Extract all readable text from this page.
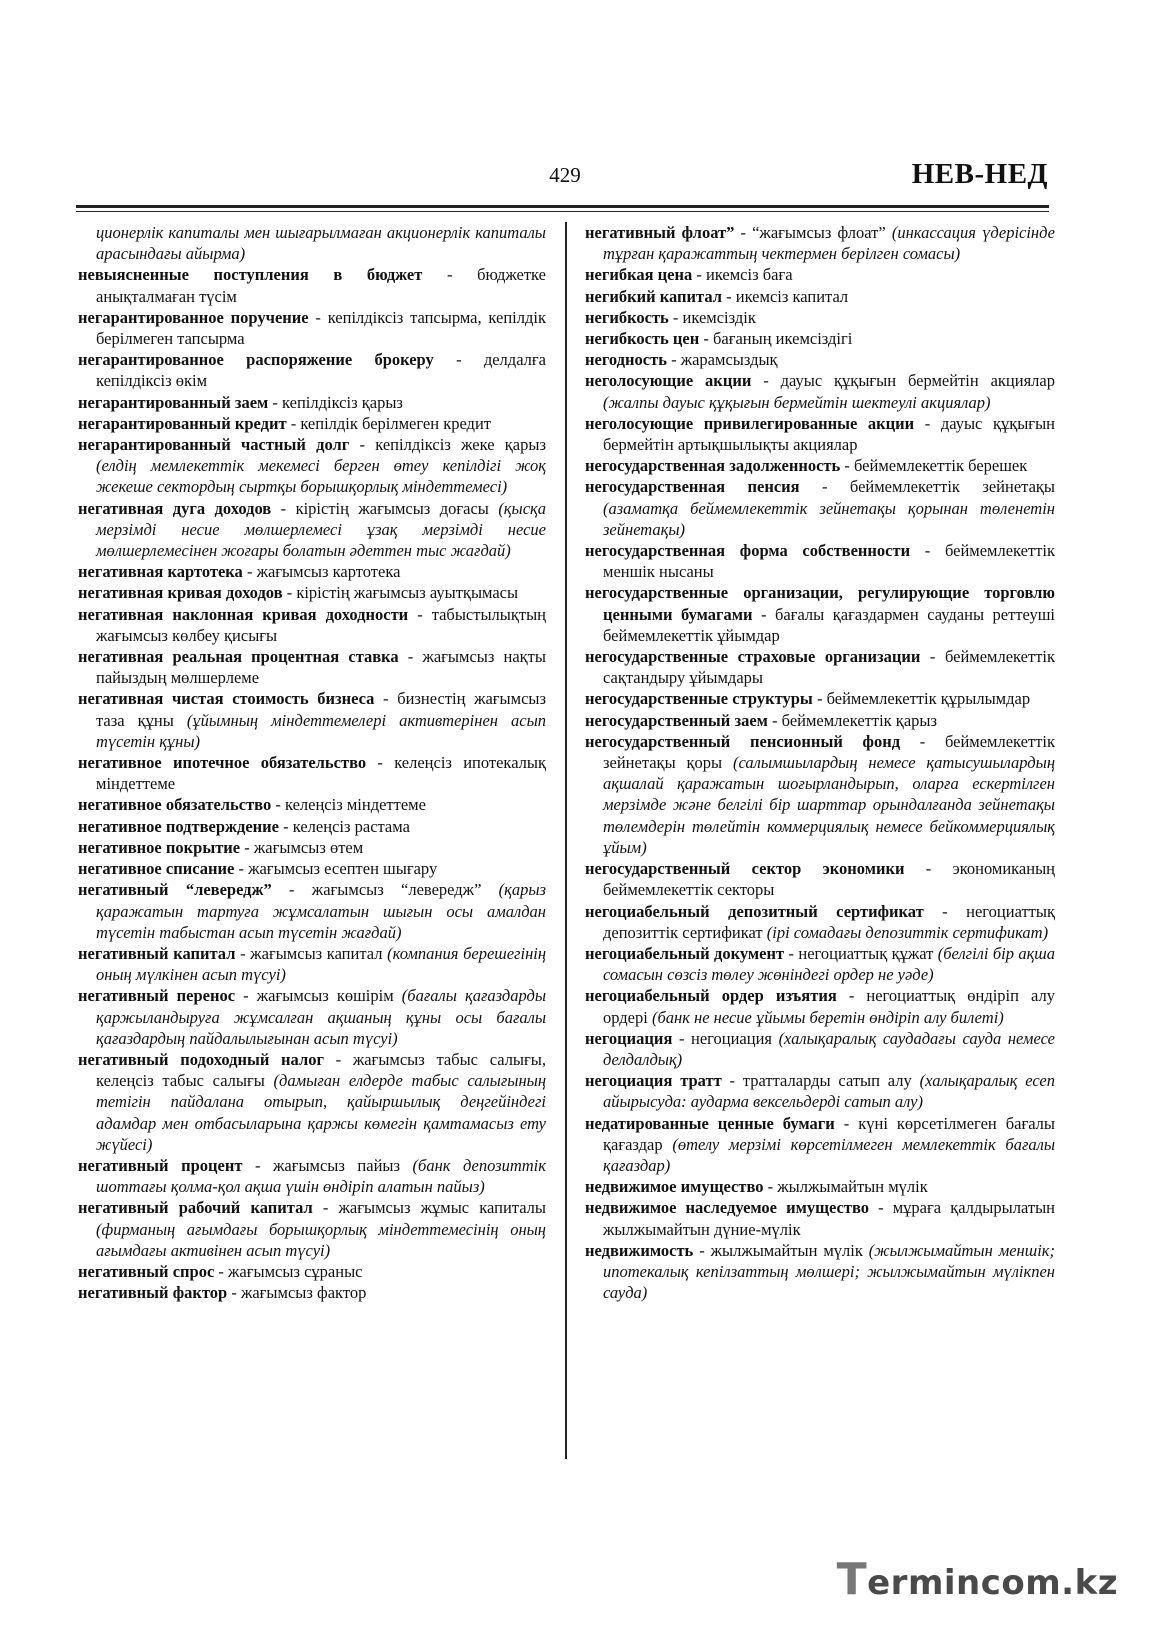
429	НЕВ-НЕД
ционерлік капиталы мен шығарылмаған акционерлік капиталы арасындағы айырма)
невыясненные поступления в бюджет - бюджетке анықталмаған түсім
негарантированное поручение - кепілдіксіз тапсырма, кепілдік берілмеген тапсырма
негарантированное распоряжение брокеру - делдалға кепілдіксіз өкім
негарантированный заем - кепілдіксіз қарыз
негарантированный кредит - кепілдік берілмеген кредит
негарантированный частный долг - кепілдіксіз жеке қарыз (елдің мемлекеттік мекемесі берген өтеу кепілдігі жоқ жекеше сектордың сыртқы борышқорлық міндеттемесі)
негативная дуга доходов - кірістің жағымсыз доғасы (қысқа мерзімді несие мөлшерлемесі ұзақ мерзімді несие мөлшерлемесінен жоғары болатын әдеттен тыс жағдай)
негативная картотека - жағымсыз картотека
негативная кривая доходов - кірістің жағымсыз ауытқымасы
негативная наклонная кривая доходности - табыстылықтың жағымсыз көлбеу қисығы
негативная реальная процентная ставка - жағымсыз нақты пайыздың мөлшерлеме
негативная чистая стоимость бизнеса - бизнестің жағымсыз таза құны (ұйымның міндеттемелері активтерінен асып түсетін құны)
негативное ипотечное обязательство - келеңсіз ипотекалық міндеттеме
негативное обязательство - келеңсіз міндеттеме
негативное подтверждение - келеңсіз растама
негативное покрытие - жағымсыз өтем
негативное списание - жағымсыз есептен шығару
негативный “левередж” - жағымсыз “левередж” (қарыз қаражатын тартуға жұмсалатын шығын осы амалдан түсетін табыстан асып түсетін жағдай)
негативный капитал - жағымсыз капитал (компания берешегінің оның мүлкінен асып түсуі)
негативный перенос - жағымсыз көшірім (бағалы қағаздарды қаржыландыруға жұмсалған ақшаның құны осы бағалы қағаздардың пайдалылығынан асып түсуі)
негативный подоходный налог - жағымсыз табыс салығы, келеңсіз табыс салығы (дамыған елдерде табыс салығының тетігін пайдалана отырып, қайыршылық деңгейіндегі адамдар мен отбасыларына қаржы көмегін қамтамасыз ету жүйесі)
негативный процент - жағымсыз пайыз (банк депозиттік шоттағы қолма-қол ақша үшін өндіріп алатын пайыз)
негативный рабочий капитал - жағымсыз жұмыс капиталы (фирманың ағымдағы борышқорлық міндеттемесінің оның ағымдағы активінен асып түсуі)
негативный спрос - жағымсыз сұраныс
негативный фактор - жағымсыз фактор
негативный флоат” - “жағымсыз флоат” (инкассация үдерісінде тұрған қаражаттың чектермен берілген сомасы)
негибкая цена - икемсіз баға
негибкий капитал - икемсіз капитал
негибкость - икемсіздік
негибкость цен - бағаның икемсіздігі
негодность - жарамсыздық
неголосующие акции - дауыс құқығын бермейтін акциялар (жалпы дауыс құқығын бермейтін шектеулі акциялар)
неголосующие привилегированные акции - дауыс құқығын бермейтін артықшылықты акциялар
негосударственная задолженность - беймемлекеттік берешек
негосударственная пенсия - беймемлекеттік зейнетақы (азаматқа беймемлекеттік зейнетақы қорынан төленетін зейнетақы)
негосударственная форма собственности - беймемлекеттік меншік нысаны
негосударственные организации, регулирующие торговлю ценными бумагами - бағалы қағаздармен сауданы реттеуші беймемлекеттік ұйымдар
негосударственные страховые организации - беймемлекеттік сақтандыру ұйымдары
негосударственные структуры - беймемлекеттік құрылымдар
негосударственный заем - беймемлекеттік қарыз
негосударственный пенсионный фонд - беймемлекеттік зейнетақы қоры (салымшылардың немесе қатысушылардың ақшалай қаражатын шоғырландырып, оларға ескертілген мерзімде және белгілі бір шарттар орындалғанда зейнетақы төлемдерін төлейтін коммерциялық немесе бейкоммерциялық ұйым)
негосударственный сектор экономики - экономиканың беймемлекеттік секторы
негоциабельный депозитный сертификат - негоциаттық депозиттік сертификат (ірі сомадағы депозиттік сертификат)
негоциабельный документ - негоциаттық құжат (белгілі бір ақша сомасын сөзсіз төлеу жөніндегі ордер не уәде)
негоциабельный ордер изъятия - негоциаттық өндіріп алу ордері (банк не несие ұйымы беретін өндіріп алу билеті)
негоциация - негоциация (халықаралық саудадағы сауда немесе делдалдық)
негоциация тратт - тратталарды сатып алу (халықаралық есеп айырысуда: аударма вексельдерді сатып алу)
недатированные ценные бумаги - күні көрсетілмеген бағалы қағаздар (өтелу мерзімі көрсетілмеген мемлекеттік бағалы қағаздар)
недвижимое имущество - жылжымайтын мүлік
недвижимое наследуемое имущество - мұраға қалдырылатын жылжымайтын дүние-мүлік
недвижимость - жылжымайтын мүлік (жылжымайтын меншік; ипотекалық кепілзаттың мөлшері; жылжымайтын мүлікпен сауда)
Termincom.kz
